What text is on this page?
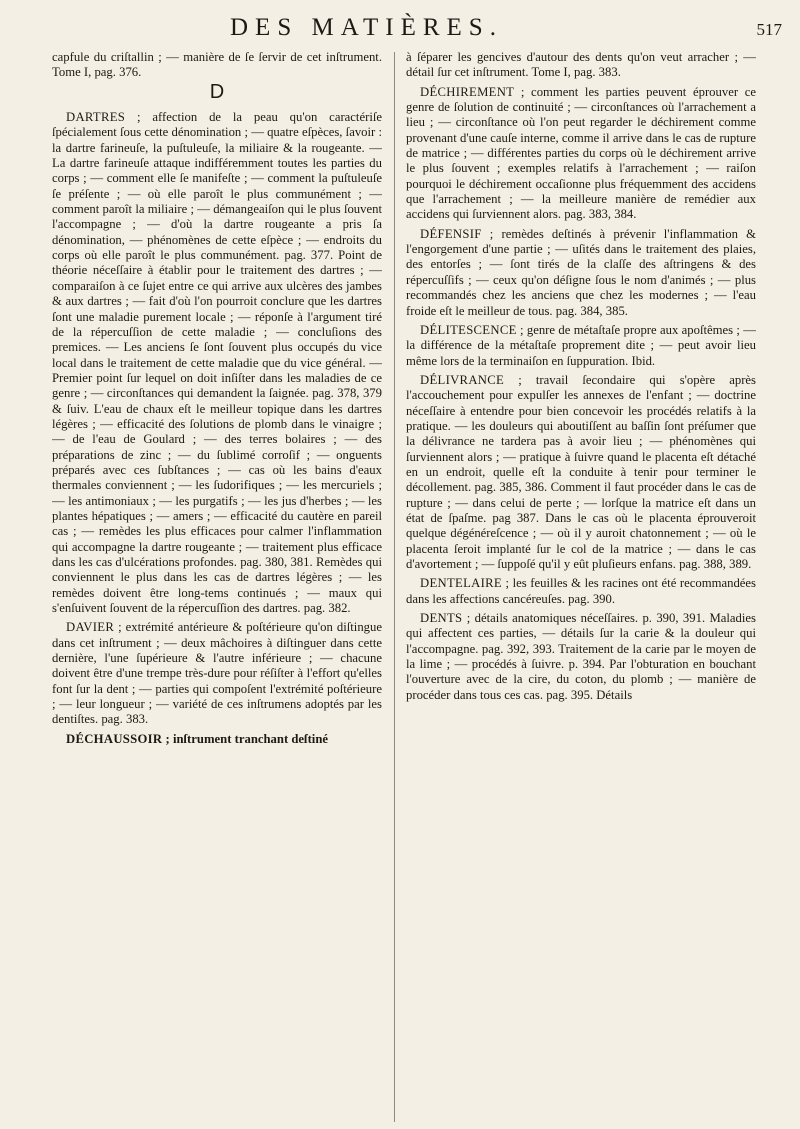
DES MATIÈRES.	517

capfule du criſtallin ; — manière de ſe ſervir de cet inſtrument. Tome I, pag. 376.

D

DARTRES ; affection de la peau qu'on caractériſe ſpécialement ſous cette dénomination ; — quatre eſpèces, ſavoir : la dartre farineuſe, la puſtuleuſe, la miliaire & la rougeante. — La dartre farineuſe attaque indifféremment toutes les parties du corps ; — comment elle ſe manifeſte ; — comment la puſtuleuſe ſe préſente ; — où elle paroît le plus communément ; — comment paroît la miliaire ; — démangeaiſon qui le plus ſouvent l'accompagne ; — d'où la dartre rougeante a pris ſa dénomination, — phénomènes de cette eſpèce ; — endroits du corps où elle paroît le plus communément. pag. 377. Point de théorie néceſſaire à établir pour le traitement des dartres ; — comparaiſon à ce ſujet entre ce qui arrive aux ulcères des jambes & aux dartres ; — fait d'où l'on pourroit conclure que les dartres ſont une maladie purement locale ; — réponſe à l'argument tiré de la répercuſſion de cette maladie ; — concluſions des premices. — Les anciens ſe ſont ſouvent plus occupés du vice local dans le traitement de cette maladie que du vice général. — Premier point ſur lequel on doit inſiſter dans les maladies de ce genre ; — circonſtances qui demandent la ſaignée. pag. 378, 379 & ſuiv. L'eau de chaux eſt le meilleur topique dans les dartres légères ; — efficacité des ſolutions de plomb dans le vinaigre ; — de l'eau de Goulard ; — des terres bolaires ; — des préparations de zinc ; — du ſublimé corroſif ; — onguents préparés avec ces ſubſtances ; — cas où les bains d'eaux thermales conviennent ; — les ſudorifiques ; — les mercuriels ; — les antimoniaux ; — les purgatifs ; — les jus d'herbes ; — les plantes hépatiques ; — amers ; — efficacité du cautère en pareil cas ; — remèdes les plus efficaces pour calmer l'inflammation qui accompagne la dartre rougeante ; — traitement plus efficace dans les cas d'ulcérations profondes. pag. 380, 381. Remèdes qui conviennent le plus dans les cas de dartres légères ; — les remèdes doivent être long-tems continués ; — maux qui s'enſuivent ſouvent de la répercuſſion des dartres. pag. 382.

DAVIER ; extrémité antérieure & poſtérieure qu'on diſtingue dans cet inſtrument ; — deux mâchoires à diſtinguer dans cette dernière, l'une ſupérieure & l'autre inférieure ; — chacune doivent être d'une trempe très-dure pour réſiſter à l'effort qu'elles font ſur la dent ; — parties qui compoſent l'extrémité poſtérieure ; — leur longueur ; — variété de ces inſtrumens adoptés par les dentiſtes. pag. 383.

DÉCHAUSSOIR ; inſtrument tranchant deſtiné

à ſéparer les gencives d'autour des dents qu'on veut arracher ; — détail ſur cet inſtrument. Tome I, pag. 383.

DÉCHIREMENT ; comment les parties peuvent éprouver ce genre de ſolution de continuité ; — circonſtances où l'arrachement a lieu ; — circonſtance où l'on peut regarder le déchirement comme provenant d'une cauſe interne, comme il arrive dans le cas de rupture de matrice ; — différentes parties du corps où le déchirement arrive le plus ſouvent ; exemples relatifs à l'arrachement ; — raiſon pourquoi le déchirement occaſionne plus fréquemment des accidens que l'arrachement ; — la meilleure manière de remédier aux accidens qui ſurviennent alors. pag. 383, 384.

DÉFENSIF ; remèdes deſtinés à prévenir l'inflammation & l'engorgement d'une partie ; — uſités dans le traitement des plaies, des entorſes ; — ſont tirés de la claſſe des aſtringens & des répercuſſifs ; — ceux qu'on déſigne ſous le nom d'animés ; — plus recommandés chez les anciens que chez les modernes ; — l'eau froide eſt le meilleur de tous. pag. 384, 385.

DÉLITESCENCE ; genre de métaſtaſe propre aux apoſtêmes ; — la différence de la métaſtaſe proprement dite ; — peut avoir lieu même lors de la terminaiſon en ſuppuration. Ibid.

DÉLIVRANCE ; travail ſecondaire qui s'opère après l'accouchement pour expulſer les annexes de l'enfant ; — doctrine néceſſaire à entendre pour bien concevoir les procédés relatifs à la pratique. — les douleurs qui aboutiſſent au baſſin ſont préſumer que la délivrance ne tardera pas à avoir lieu ; — phénomènes qui ſurviennent alors ; — pratique à ſuivre quand le placenta eſt détaché en un endroit, quelle eſt la conduite à tenir pour terminer le décollement. pag. 385, 386. Comment il faut procéder dans le cas de rupture ; — dans celui de perte ; — lorſque la matrice eſt dans un état de ſpaſme. pag 387. Dans le cas où le placenta éprouveroit quelque dégénéreſcence ; — où il y auroit chatonnement ; — où le placenta ſeroit implanté ſur le col de la matrice ; — dans le cas d'avortement ; — ſuppoſé qu'il y eût pluſieurs enfans. pag. 388, 389.

DENTELAIRE ; les feuilles & les racines ont été recommandées dans les affections cancéreuſes. pag. 390.

DENTS ; détails anatomiques néceſſaires. p. 390, 391. Maladies qui affectent ces parties, — détails ſur la carie & la douleur qui l'accompagne. pag. 392, 393. Traitement de la carie par le moyen de la lime ; — procédés à ſuivre. p. 394. Par l'obturation en bouchant l'ouverture avec de la cire, du coton, du plomb ; — manière de procéder dans tous ces cas. pag. 395. Détails
